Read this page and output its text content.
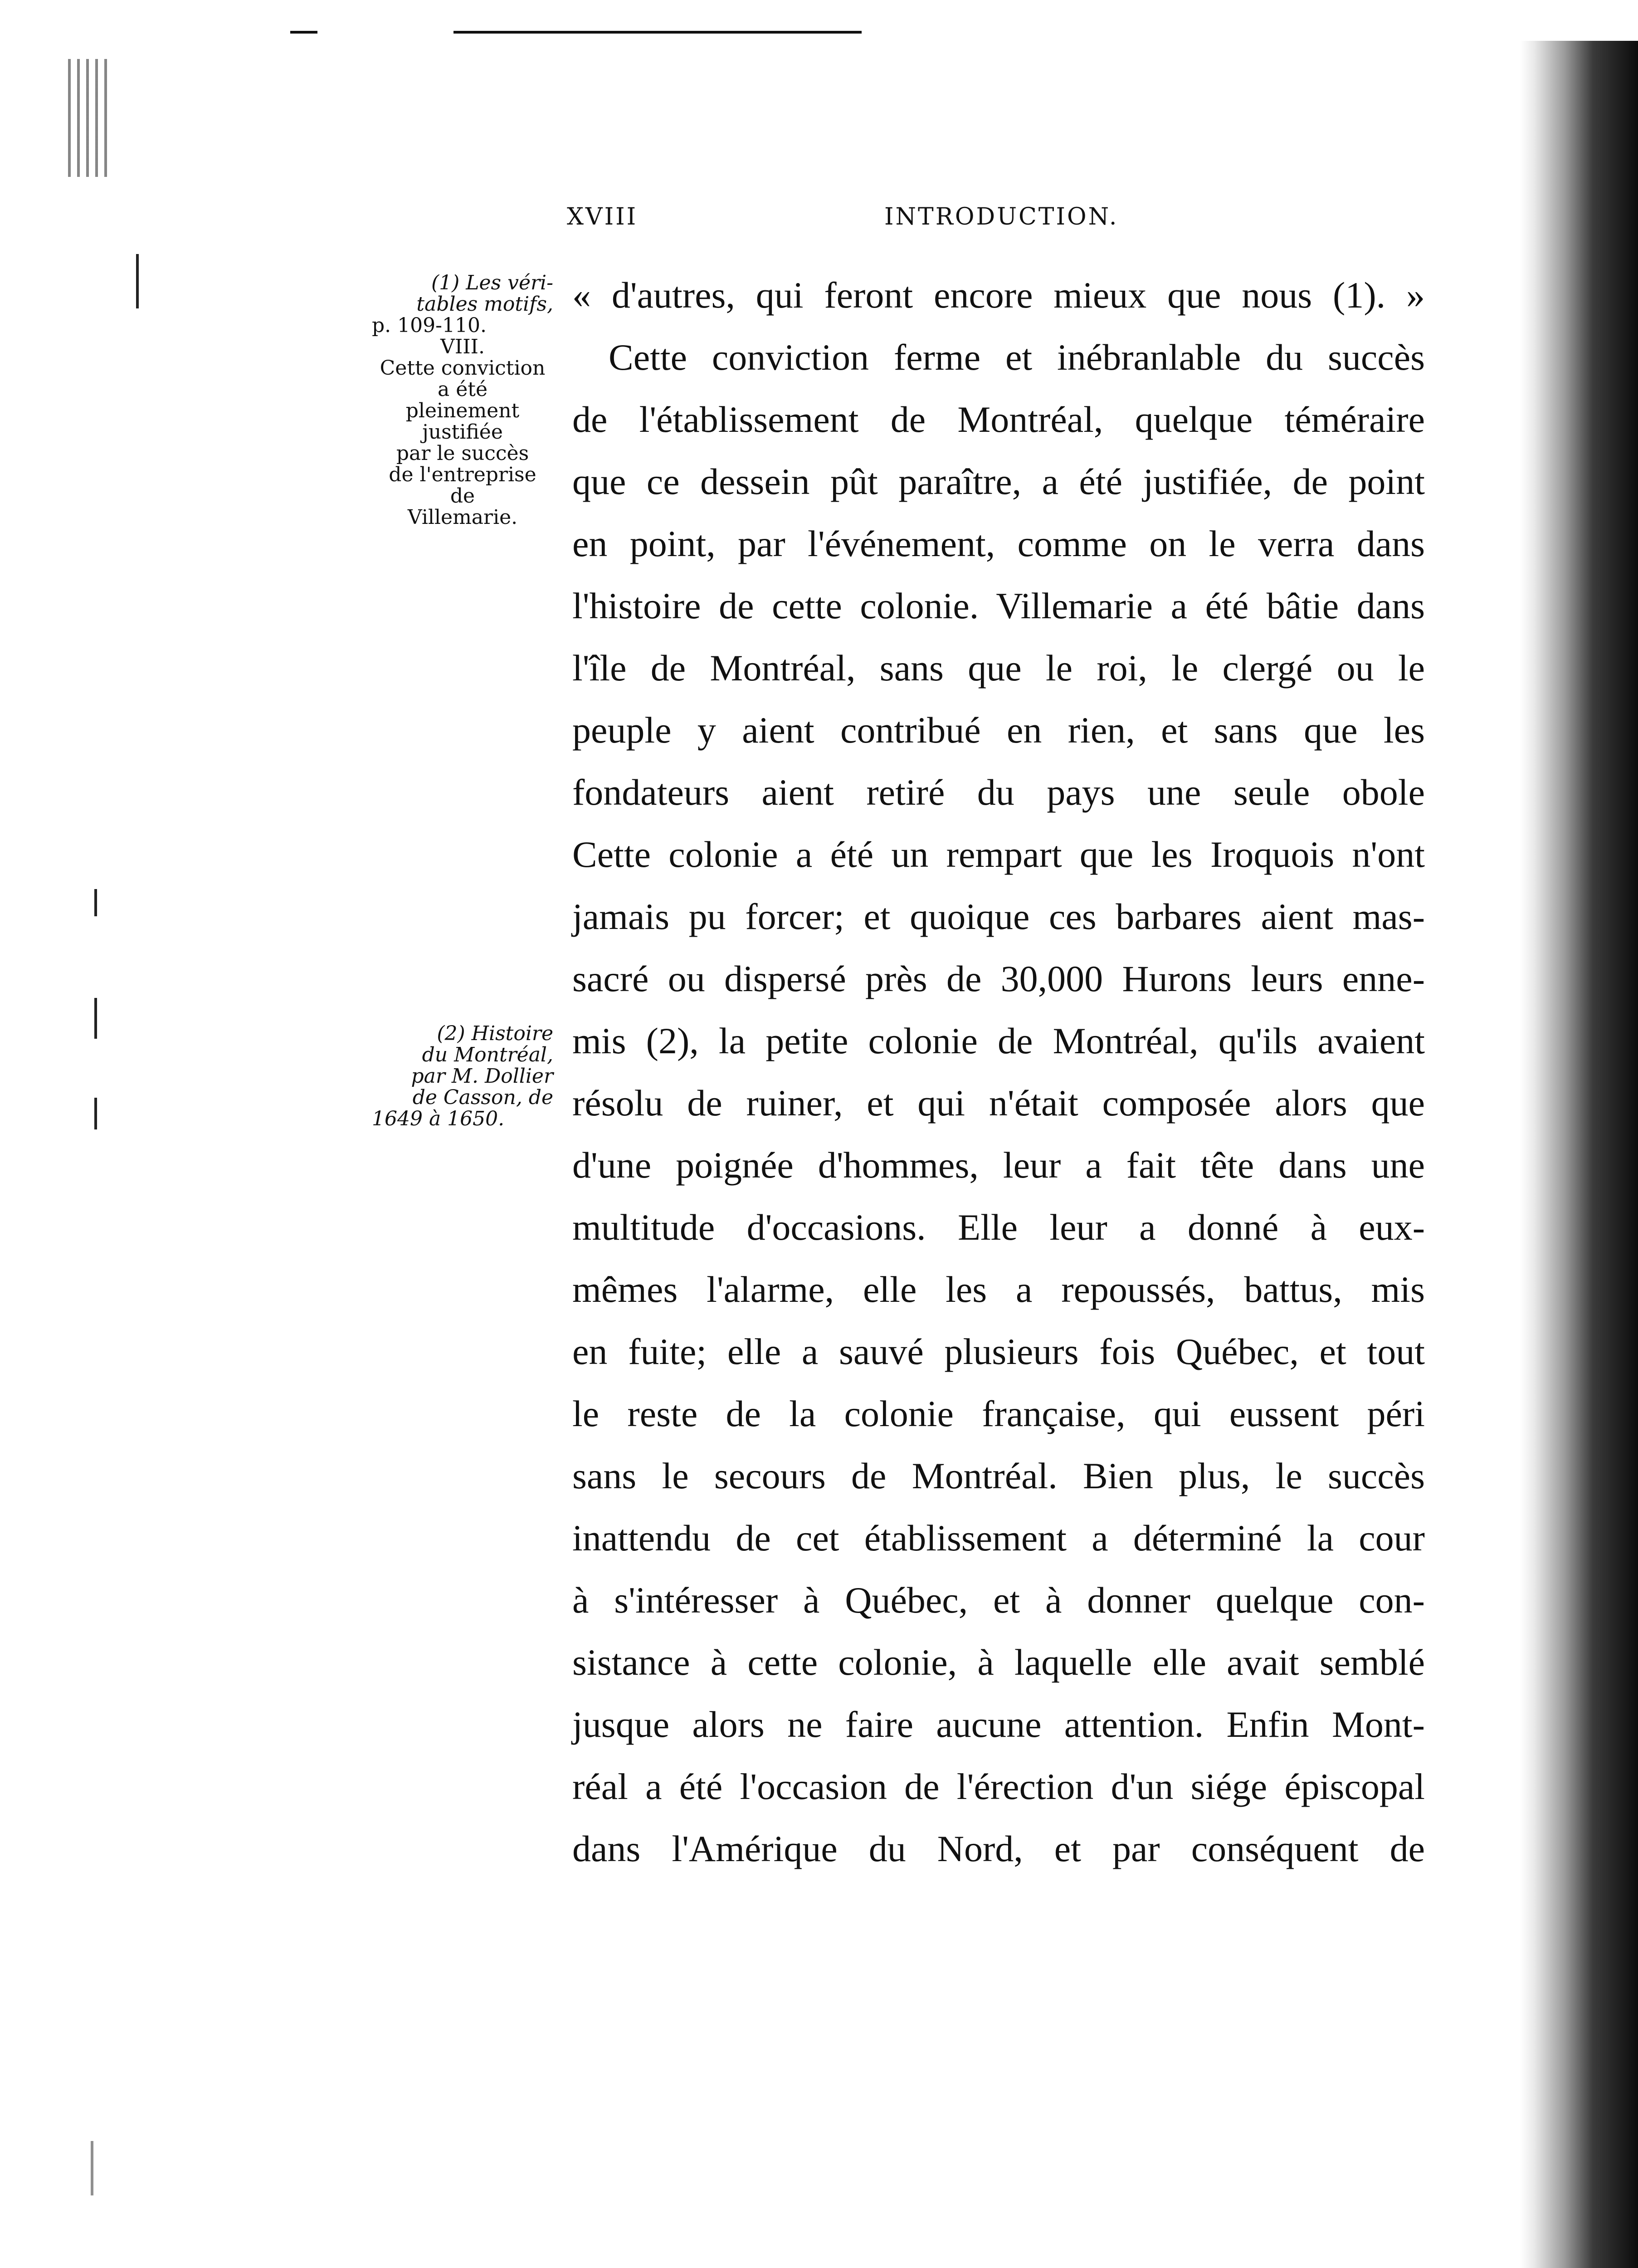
XVIII	INTRODUCTION.
(1) Les véri-
tables motifs,
p. 109-110.
VIII.
Cette conviction
a été
pleinement
justifiée
par le succès
de l'entreprise
de
Villemarie.
(2) Histoire
du Montréal,
par M. Dollier
de Casson, de
1649 à 1650.
« d'autres, qui feront encore mieux que nous (1). »
Cette conviction ferme et inébranlable du succès
de l'établissement de Montréal, quelque téméraire
que ce dessein pût paraître, a été justifiée, de point
en point, par l'événement, comme on le verra dans
l'histoire de cette colonie. Villemarie a été bâtie dans
l'île de Montréal, sans que le roi, le clergé ou le
peuple y aient contribué en rien, et sans que les
fondateurs aient retiré du pays une seule obole
Cette colonie a été un rempart que les Iroquois n'ont
jamais pu forcer; et quoique ces barbares aient mas-
sacré ou dispersé près de 30,000 Hurons leurs enne-
mis (2), la petite colonie de Montréal, qu'ils avaient
résolu de ruiner, et qui n'était composée alors que
d'une poignée d'hommes, leur a fait tête dans une
multitude d'occasions. Elle leur a donné à eux-
mêmes l'alarme, elle les a repoussés, battus, mis
en fuite; elle a sauvé plusieurs fois Québec, et tout
le reste de la colonie française, qui eussent péri
sans le secours de Montréal. Bien plus, le succès
inattendu de cet établissement a déterminé la cour
à s'intéresser à Québec, et à donner quelque con-
sistance à cette colonie, à laquelle elle avait semblé
jusque alors ne faire aucune attention. Enfin Mont-
réal a été l'occasion de l'érection d'un siége épiscopal
dans l'Amérique du Nord, et par conséquent de
